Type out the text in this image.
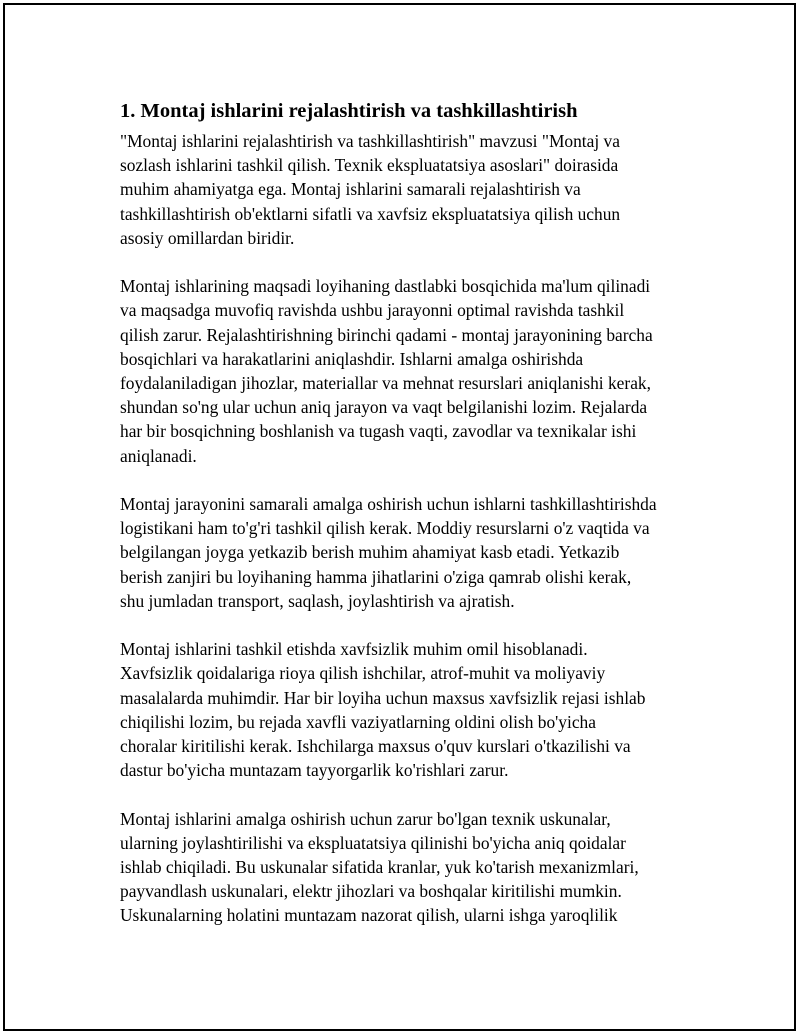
1. Montaj ishlarini rejalashtirish va tashkillashtirish
"Montaj ishlarini rejalashtirish va tashkillashtirish" mavzusi "Montaj va
sozlash ishlarini tashkil qilish. Texnik ekspluatatsiya asoslari" doirasida
muhim ahamiyatga ega. Montaj ishlarini samarali rejalashtirish va
tashkillashtirish ob'ektlarni sifatli va xavfsiz ekspluatatsiya qilish uchun
asosiy omillardan biridir.
Montaj ishlarining maqsadi loyihaning dastlabki bosqichida ma'lum qilinadi
va maqsadga muvofiq ravishda ushbu jarayonni optimal ravishda tashkil
qilish zarur. Rejalashtirishning birinchi qadami - montaj jarayonining barcha
bosqichlari va harakatlarini aniqlashdir. Ishlarni amalga oshirishda
foydalaniladigan jihozlar, materiallar va mehnat resurslari aniqlanishi kerak,
shundan so'ng ular uchun aniq jarayon va vaqt belgilanishi lozim. Rejalarda
har bir bosqichning boshlanish va tugash vaqti, zavodlar va texnikalar ishi
aniqlanadi.
Montaj jarayonini samarali amalga oshirish uchun ishlarni tashkillashtirishda
logistikani ham to'g'ri tashkil qilish kerak. Moddiy resurslarni o'z vaqtida va
belgilangan joyga yetkazib berish muhim ahamiyat kasb etadi. Yetkazib
berish zanjiri bu loyihaning hamma jihatlarini o'ziga qamrab olishi kerak,
shu jumladan transport, saqlash, joylashtirish va ajratish.
Montaj ishlarini tashkil etishda xavfsizlik muhim omil hisoblanadi.
Xavfsizlik qoidalariga rioya qilish ishchilar, atrof-muhit va moliyaviy
masalalarda muhimdir. Har bir loyiha uchun maxsus xavfsizlik rejasi ishlab
chiqilishi lozim, bu rejada xavfli vaziyatlarning oldini olish bo'yicha
choralar kiritilishi kerak. Ishchilarga maxsus o'quv kurslari o'tkazilishi va
dastur bo'yicha muntazam tayyorgarlik ko'rishlari zarur.
Montaj ishlarini amalga oshirish uchun zarur bo'lgan texnik uskunalar,
ularning joylashtirilishi va ekspluatatsiya qilinishi bo'yicha aniq qoidalar
ishlab chiqiladi. Bu uskunalar sifatida kranlar, yuk ko'tarish mexanizmlari,
payvandlash uskunalari, elektr jihozlari va boshqalar kiritilishi mumkin.
Uskunalarning holatini muntazam nazorat qilish, ularni ishga yaroqlilik
